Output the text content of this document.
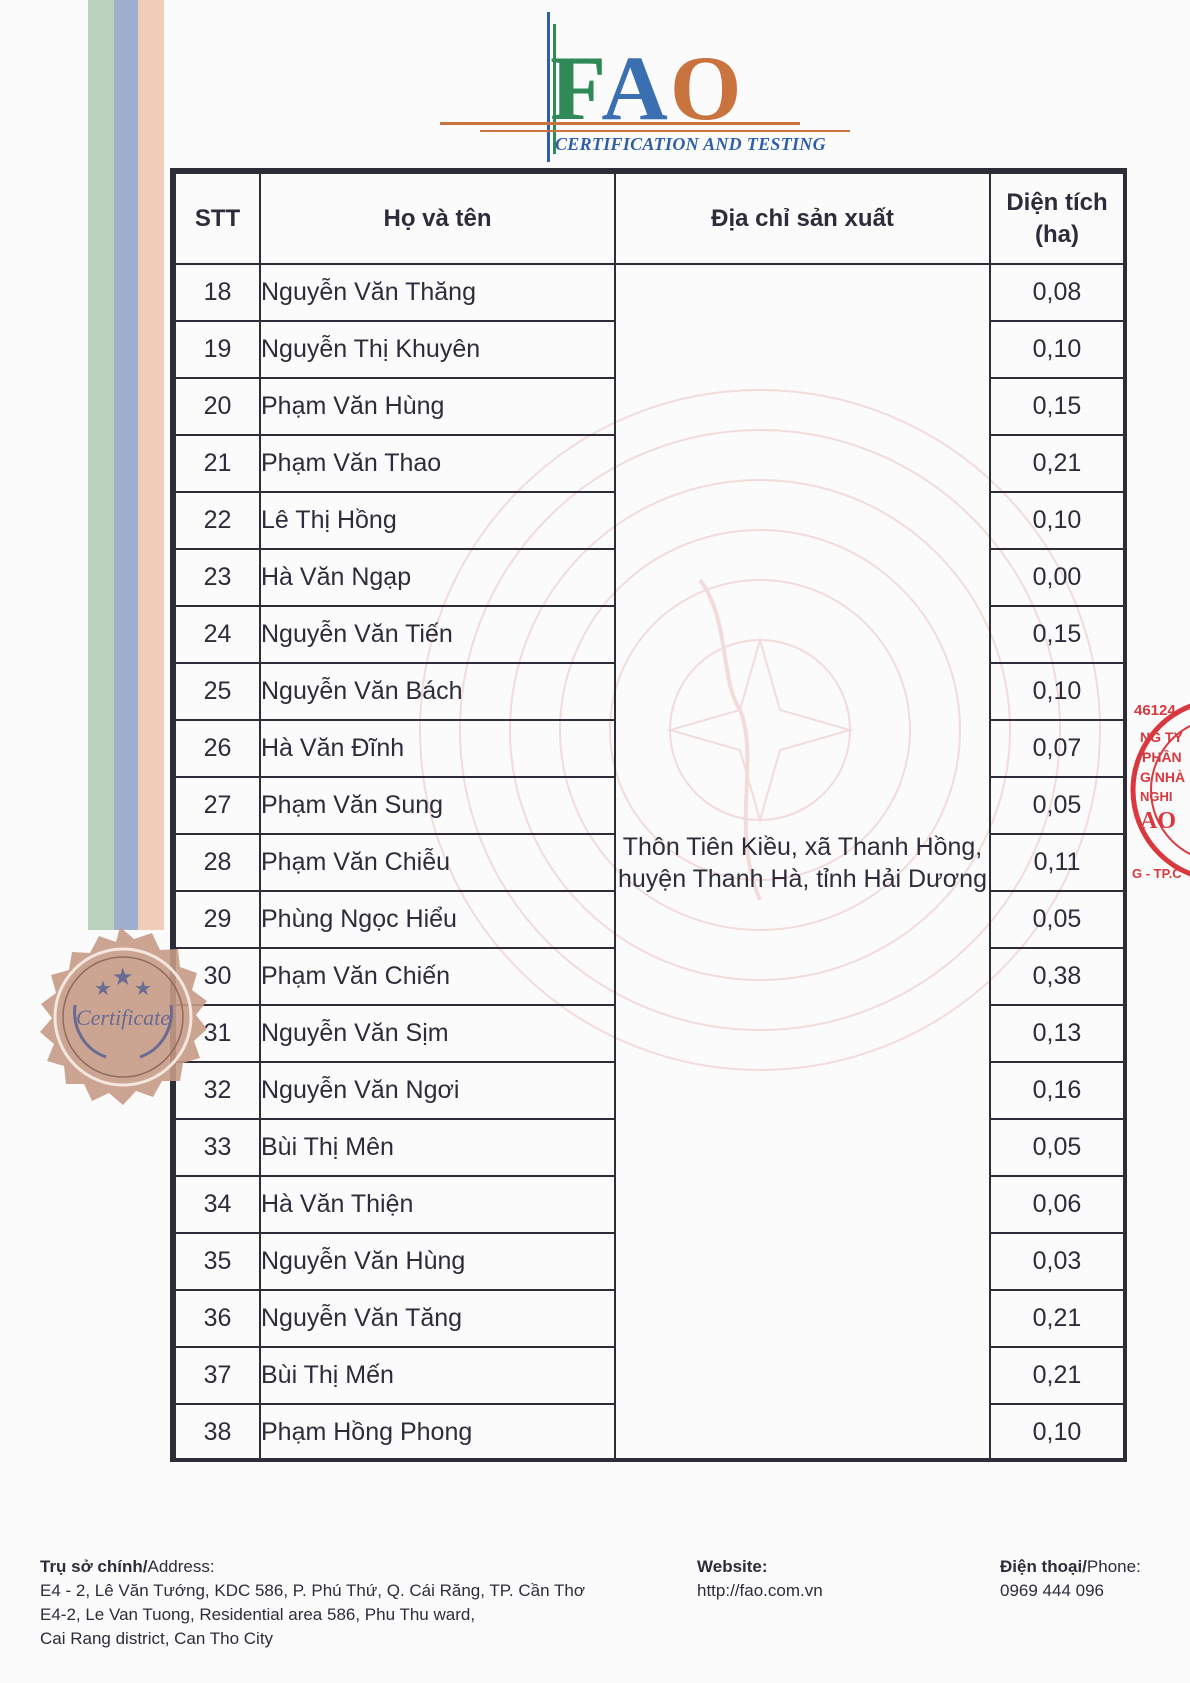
FAO
CERTIFICATION AND TESTING
STT	Họ và tên	Địa chỉ sản xuất	Diện tích
(ha)
18	Nguyễn Văn Thăng	Thôn Tiên Kiều, xã Thanh Hồng, huyện Thanh Hà, tỉnh Hải Dương	0,08
19	Nguyễn Thị Khuyên		0,10
20	Phạm Văn Hùng		0,15
21	Phạm Văn Thao		0,21
22	Lê Thị Hồng		0,10
23	Hà Văn Ngạp		0,00
24	Nguyễn Văn Tiến		0,15
25	Nguyễn Văn Bách		0,10
26	Hà Văn Đĩnh		0,07
27	Phạm Văn Sung		0,05
28	Phạm Văn Chiễu		0,11
29	Phùng Ngọc Hiểu		0,05
30	Phạm Văn Chiến		0,38
31	Nguyễn Văn Sịm		0,13
32	Nguyễn Văn Ngơi		0,16
33	Bùi Thị Mên		0,05
34	Hà Văn Thiện		0,06
35	Nguyễn Văn Hùng		0,03
36	Nguyễn Văn Tăng		0,21
37	Bùi Thị Mến		0,21
38	Phạm Hồng Phong		0,10
★ ★ ★
Certificate
46124
NG TY
PHẦN
G NHÀ
NGHI
AO
G - TP.C
Trụ sở chính/Address:
E4 - 2, Lê Văn Tướng, KDC 586, P. Phú Thứ, Q. Cái Răng, TP. Cần Thơ
E4-2, Le Van Tuong, Residential area 586, Phu Thu ward,
Cai Rang district, Can Tho City
Website:
http://fao.com.vn
Điện thoại/Phone:
0969 444 096
